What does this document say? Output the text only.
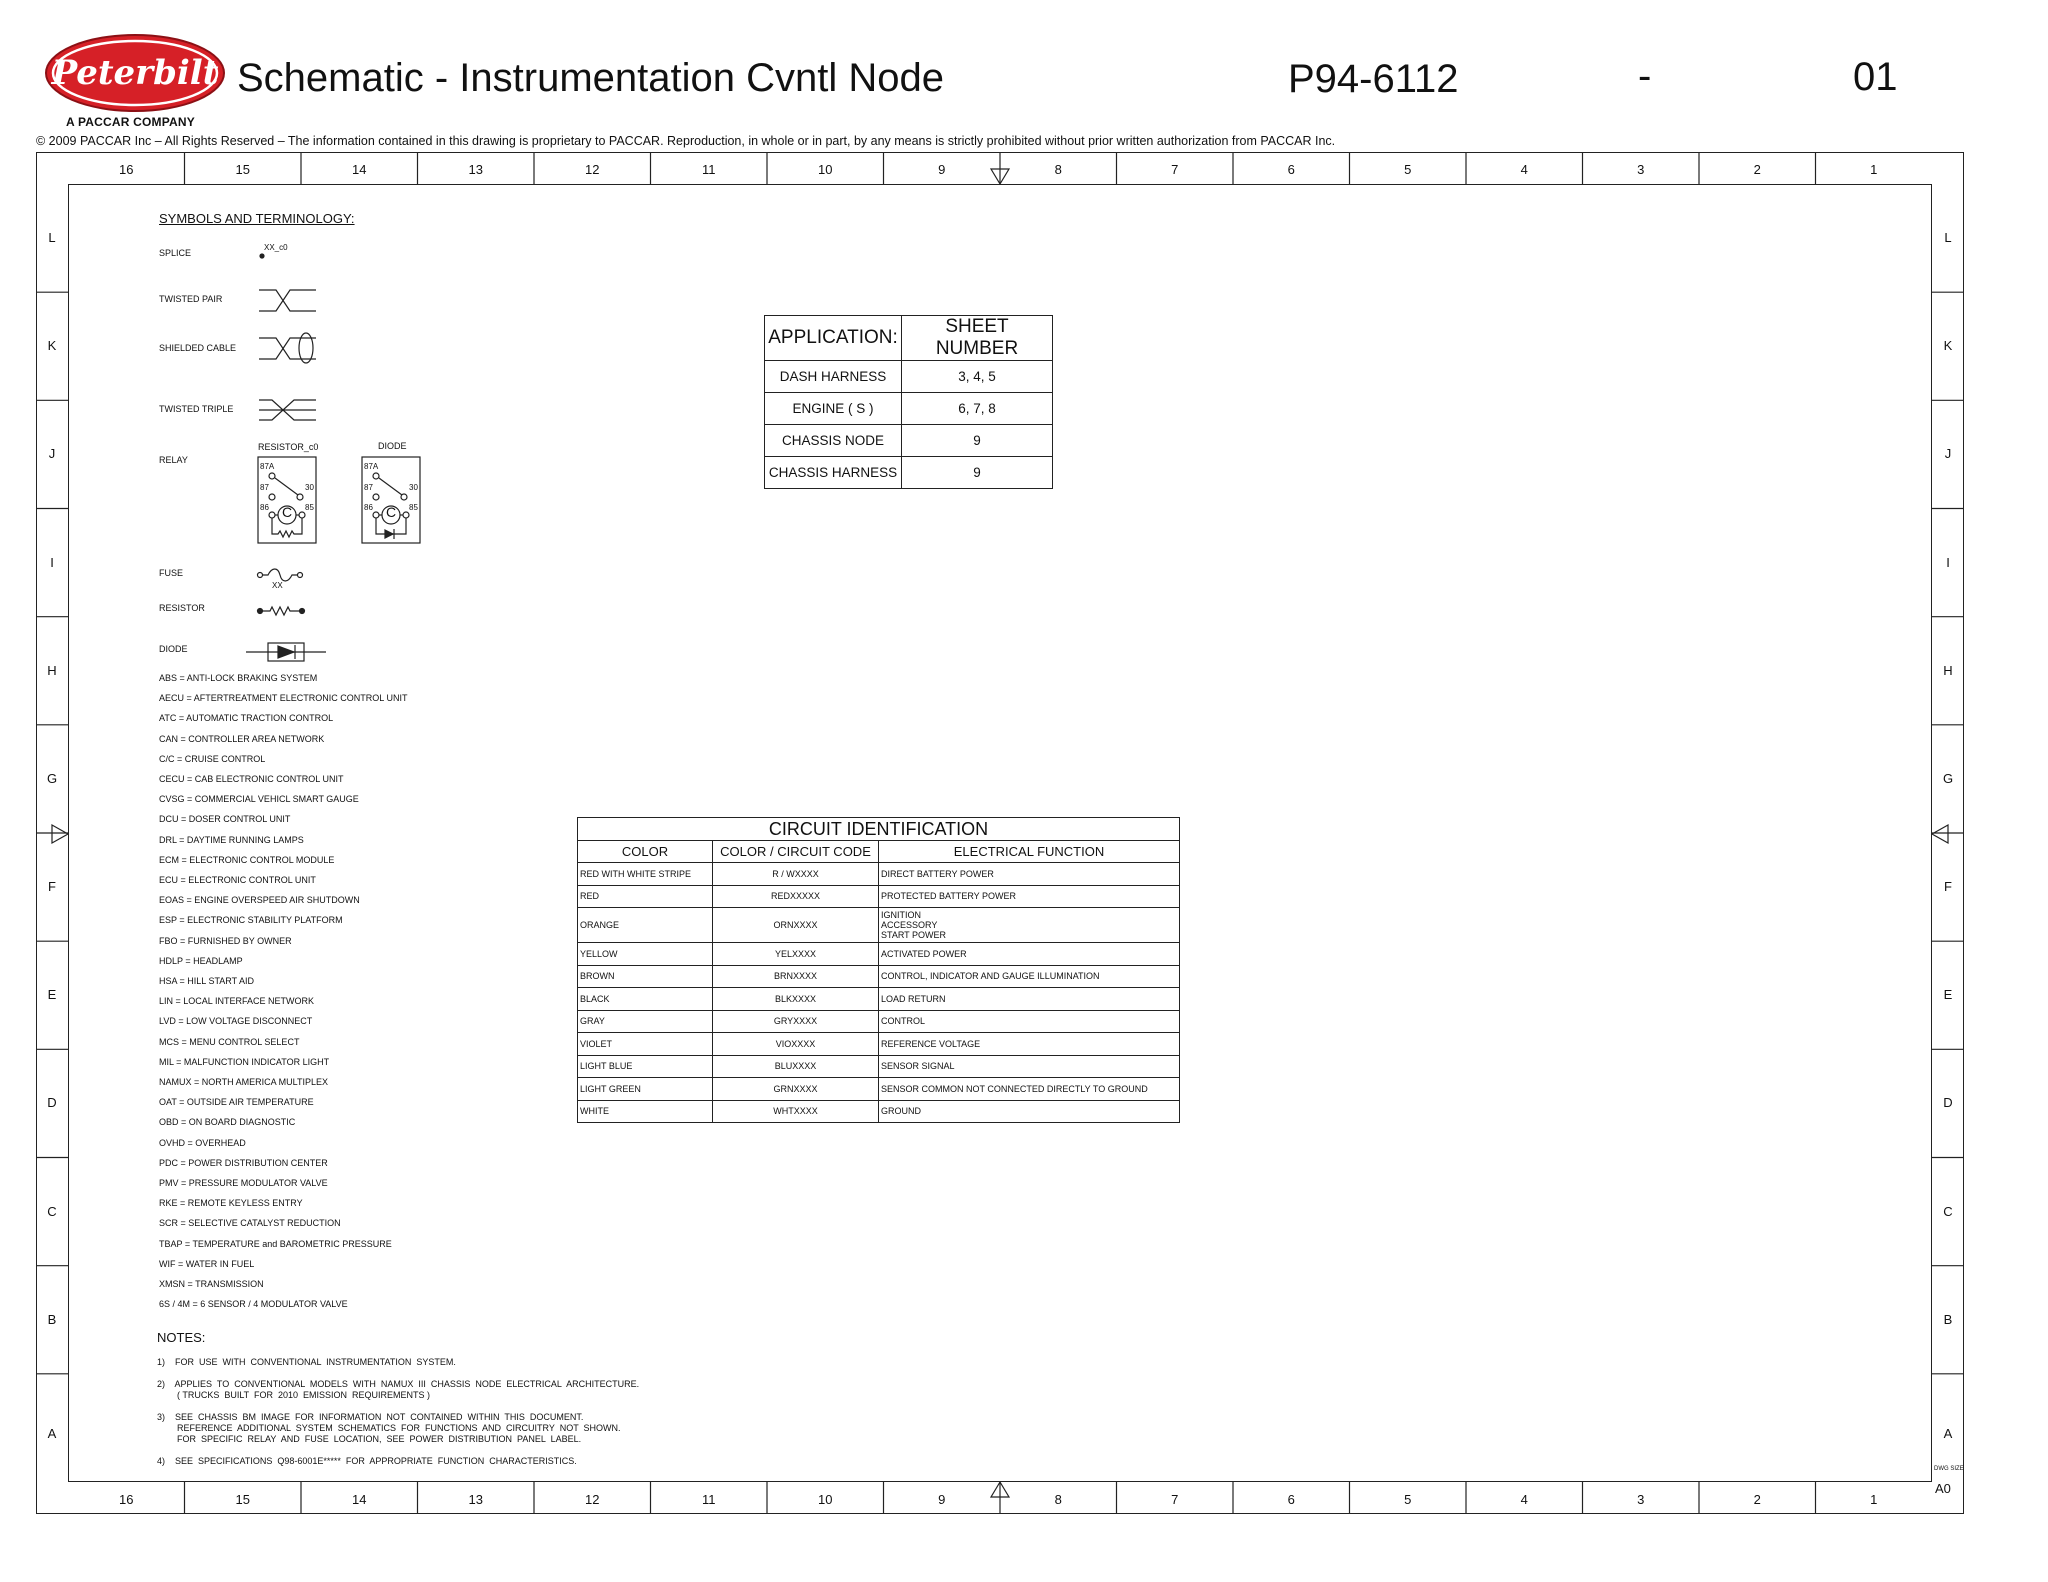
Peterbilt Schematic - Instrumentation Cvntl Node	P94-6112	-	01
A PACCAR COMPANY
© 2009 PACCAR Inc – All Rights Reserved – The information contained in this drawing is proprietary to PACCAR. Reproduction, in whole or in part, by any means is strictly prohibited without prior written authorization from PACCAR Inc.
16
16
15
15
14
14
13
13
12
12
11
11
10
10
9
9
8
8
7
7
6
6
5
5
4
4
3
3
2
2
1
1
L	L
K	K
J	J
I	I
H	H
G	G
F	F
E	E
D	D
C	C
B	B
A	A
SYMBOLS AND TERMINOLOGY:
SPLICE
XX_c0
TWISTED PAIR
SHIELDED CABLE
TWISTED TRIPLE
RELAY
RESISTOR_c0	DIODE
87A
87	30
86	85
C
87A
87	30
86	85
C
FUSE
XX
RESISTOR
DIODE
ABS = ANTI-LOCK BRAKING SYSTEM
AECU = AFTERTREATMENT ELECTRONIC CONTROL UNIT
ATC = AUTOMATIC TRACTION CONTROL
CAN = CONTROLLER AREA NETWORK
C/C = CRUISE CONTROL
CECU = CAB ELECTRONIC CONTROL UNIT
CVSG = COMMERCIAL VEHICL SMART GAUGE
DCU = DOSER CONTROL UNIT
DRL = DAYTIME RUNNING LAMPS
ECM = ELECTRONIC CONTROL MODULE
ECU = ELECTRONIC CONTROL UNIT
EOAS = ENGINE OVERSPEED AIR SHUTDOWN
ESP = ELECTRONIC STABILITY PLATFORM
FBO = FURNISHED BY OWNER
HDLP = HEADLAMP
HSA = HILL START AID
LIN = LOCAL INTERFACE NETWORK
LVD = LOW VOLTAGE DISCONNECT
MCS = MENU CONTROL SELECT
MIL = MALFUNCTION INDICATOR LIGHT
NAMUX = NORTH AMERICA MULTIPLEX
OAT = OUTSIDE AIR TEMPERATURE
OBD = ON BOARD DIAGNOSTIC
OVHD = OVERHEAD
PDC = POWER DISTRIBUTION CENTER
PMV = PRESSURE MODULATOR VALVE
RKE = REMOTE KEYLESS ENTRY
SCR = SELECTIVE CATALYST REDUCTION
TBAP = TEMPERATURE and BAROMETRIC PRESSURE
WIF = WATER IN FUEL
XMSN = TRANSMISSION
6S / 4M = 6 SENSOR / 4 MODULATOR VALVE
NOTES:
1)    FOR  USE  WITH  CONVENTIONAL  INSTRUMENTATION  SYSTEM.
2)    APPLIES  TO  CONVENTIONAL  MODELS  WITH  NAMUX  III  CHASSIS  NODE  ELECTRICAL  ARCHITECTURE.
( TRUCKS  BUILT  FOR  2010  EMISSION  REQUIREMENTS )
3)    SEE  CHASSIS  BM  IMAGE  FOR  INFORMATION  NOT  CONTAINED  WITHIN  THIS  DOCUMENT.
REFERENCE  ADDITIONAL  SYSTEM  SCHEMATICS  FOR  FUNCTIONS  AND  CIRCUITRY  NOT  SHOWN.
FOR  SPECIFIC  RELAY  AND  FUSE  LOCATION,  SEE  POWER  DISTRIBUTION  PANEL  LABEL.
4)    SEE  SPECIFICATIONS  Q98-6001E*****  FOR  APPROPRIATE  FUNCTION  CHARACTERISTICS.
APPLICATION:	SHEET NUMBER
DASH HARNESS	3, 4, 5
ENGINE ( S )	6, 7, 8
CHASSIS NODE	9
CHASSIS HARNESS	9
CIRCUIT IDENTIFICATION		
COLOR	COLOR / CIRCUIT CODE	ELECTRICAL FUNCTION
RED WITH WHITE STRIPE	R / WXXXX	DIRECT BATTERY POWER
RED	REDXXXXX	PROTECTED BATTERY POWER
ORANGE	ORNXXXX	IGNITION
ACCESSORY
START POWER
YELLOW	YELXXXX	ACTIVATED POWER
BROWN	BRNXXXX	CONTROL, INDICATOR AND GAUGE ILLUMINATION
BLACK	BLKXXXX	LOAD RETURN
GRAY	GRYXXXX	CONTROL
VIOLET	VIOXXXX	REFERENCE VOLTAGE
LIGHT BLUE	BLUXXXX	SENSOR SIGNAL
LIGHT GREEN	GRNXXXX	SENSOR COMMON NOT CONNECTED DIRECTLY TO GROUND
WHITE	WHTXXXX	GROUND
DWG SIZE
A0
